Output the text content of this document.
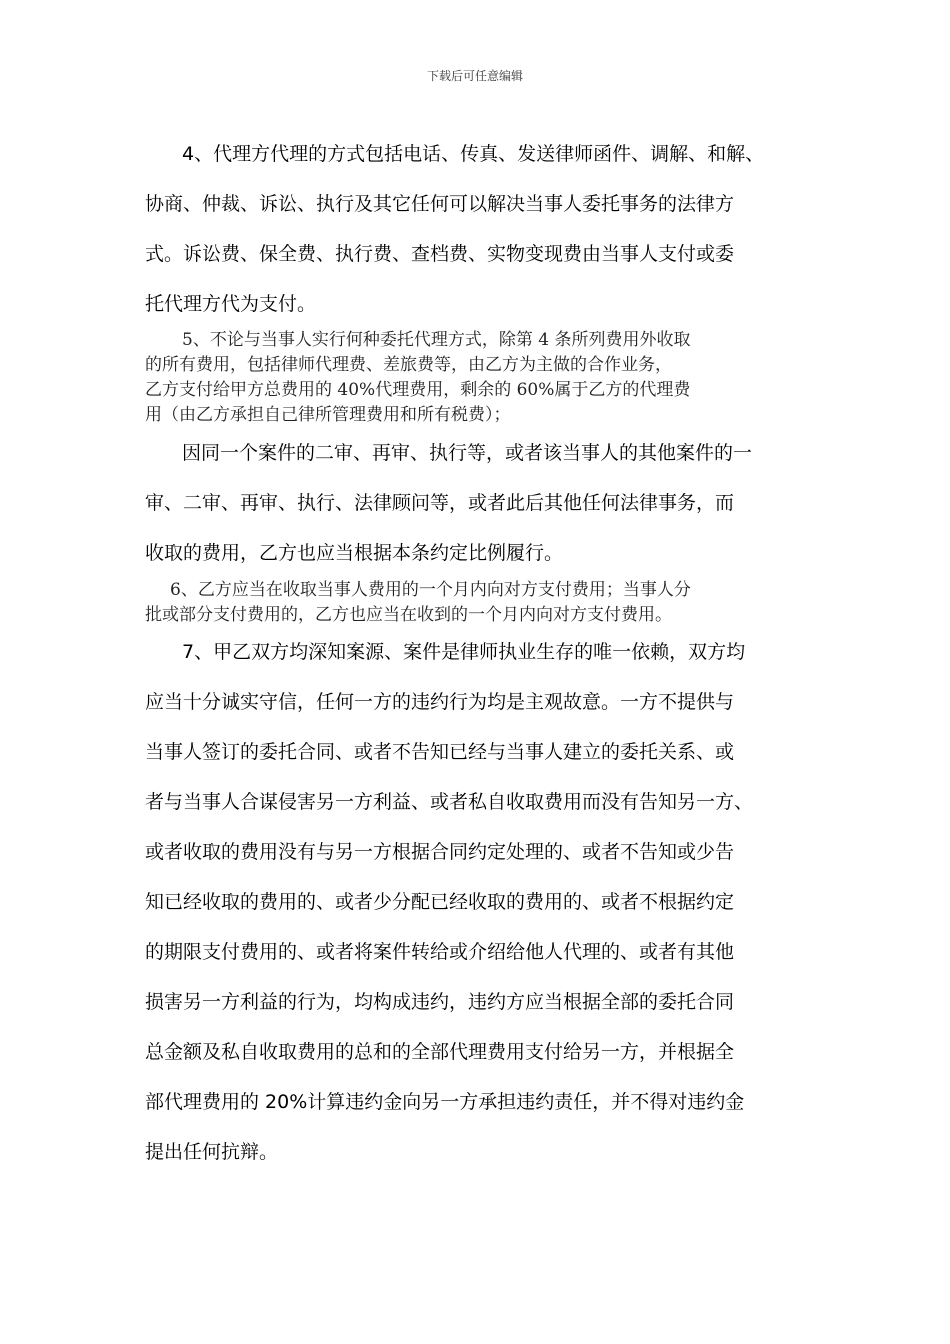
下载后可任意编辑
4、代理方代理的方式包括电话、传真、发送律师函件、调解、和解、
协商、仲裁、诉讼、执行及其它任何可以解决当事人委托事务的法律方
式。诉讼费、保全费、执行费、查档费、实物变现费由当事人支付或委
托代理方代为支付。
5、不论与当事人实行何种委托代理方式，除第 4 条所列费用外收取
的所有费用，包括律师代理费、差旅费等，由乙方为主做的合作业务，
乙方支付给甲方总费用的 40%代理费用，剩余的 60%属于乙方的代理费
用（由乙方承担自己律所管理费用和所有税费）；
因同一个案件的二审、再审、执行等，或者该当事人的其他案件的一
审、二审、再审、执行、法律顾问等，或者此后其他任何法律事务，而
收取的费用，乙方也应当根据本条约定比例履行。
6、乙方应当在收取当事人费用的一个月内向对方支付费用；当事人分
批或部分支付费用的，乙方也应当在收到的一个月内向对方支付费用。
7、甲乙双方均深知案源、案件是律师执业生存的唯一依赖，双方均
应当十分诚实守信，任何一方的违约行为均是主观故意。一方不提供与
当事人签订的委托合同、或者不告知已经与当事人建立的委托关系、或
者与当事人合谋侵害另一方利益、或者私自收取费用而没有告知另一方、
或者收取的费用没有与另一方根据合同约定处理的、或者不告知或少告
知已经收取的费用的、或者少分配已经收取的费用的、或者不根据约定
的期限支付费用的、或者将案件转给或介绍给他人代理的、或者有其他
损害另一方利益的行为，均构成违约，违约方应当根据全部的委托合同
总金额及私自收取费用的总和的全部代理费用支付给另一方，并根据全
部代理费用的 20%计算违约金向另一方承担违约责任，并不得对违约金
提出任何抗辩。
